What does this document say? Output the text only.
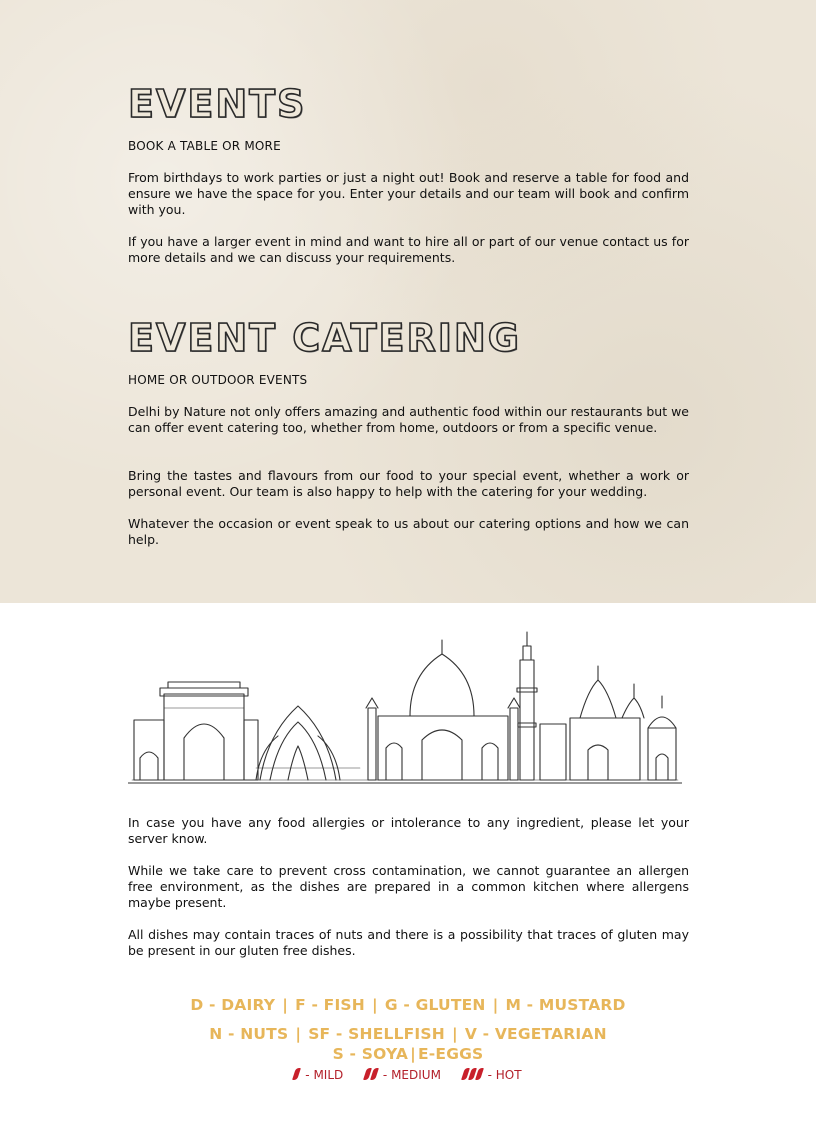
EVENTS

BOOK A TABLE OR MORE

From birthdays to work parties or just a night out! Book and reserve a table for food and ensure we have the space for you. Enter your details and our team will book and confirm with you.

If you have a larger event in mind and want to hire all or part of our venue contact us for more details and we can discuss your requirements.

EVENT CATERING

HOME OR OUTDOOR EVENTS

Delhi by Nature not only offers amazing and authentic food within our restaurants but we can offer event catering too, whether from home, outdoors or from a specific venue.

Bring the tastes and flavours from our food to your special event, whether a work or personal event. Our team is also happy to help with the catering for your wedding.

Whatever the occasion or event speak to us about our catering options and how we can help.

In case you have any food allergies or intolerance to any ingredient, please let your server know.

While we take care to prevent cross contamination, we cannot guarantee an allergen free environment, as the dishes are prepared in a common kitchen where allergens maybe present.

All dishes may contain traces of nuts and there is a possibility that traces of gluten may be present in our gluten free dishes.

D - DAIRY | F - FISH | G - GLUTEN | M - MUSTARD

N - NUTS | SF - SHELLFISH | V - VEGETARIAN

S - SOYA | E-EGGS

- MILD	- MEDIUM	- HOT
